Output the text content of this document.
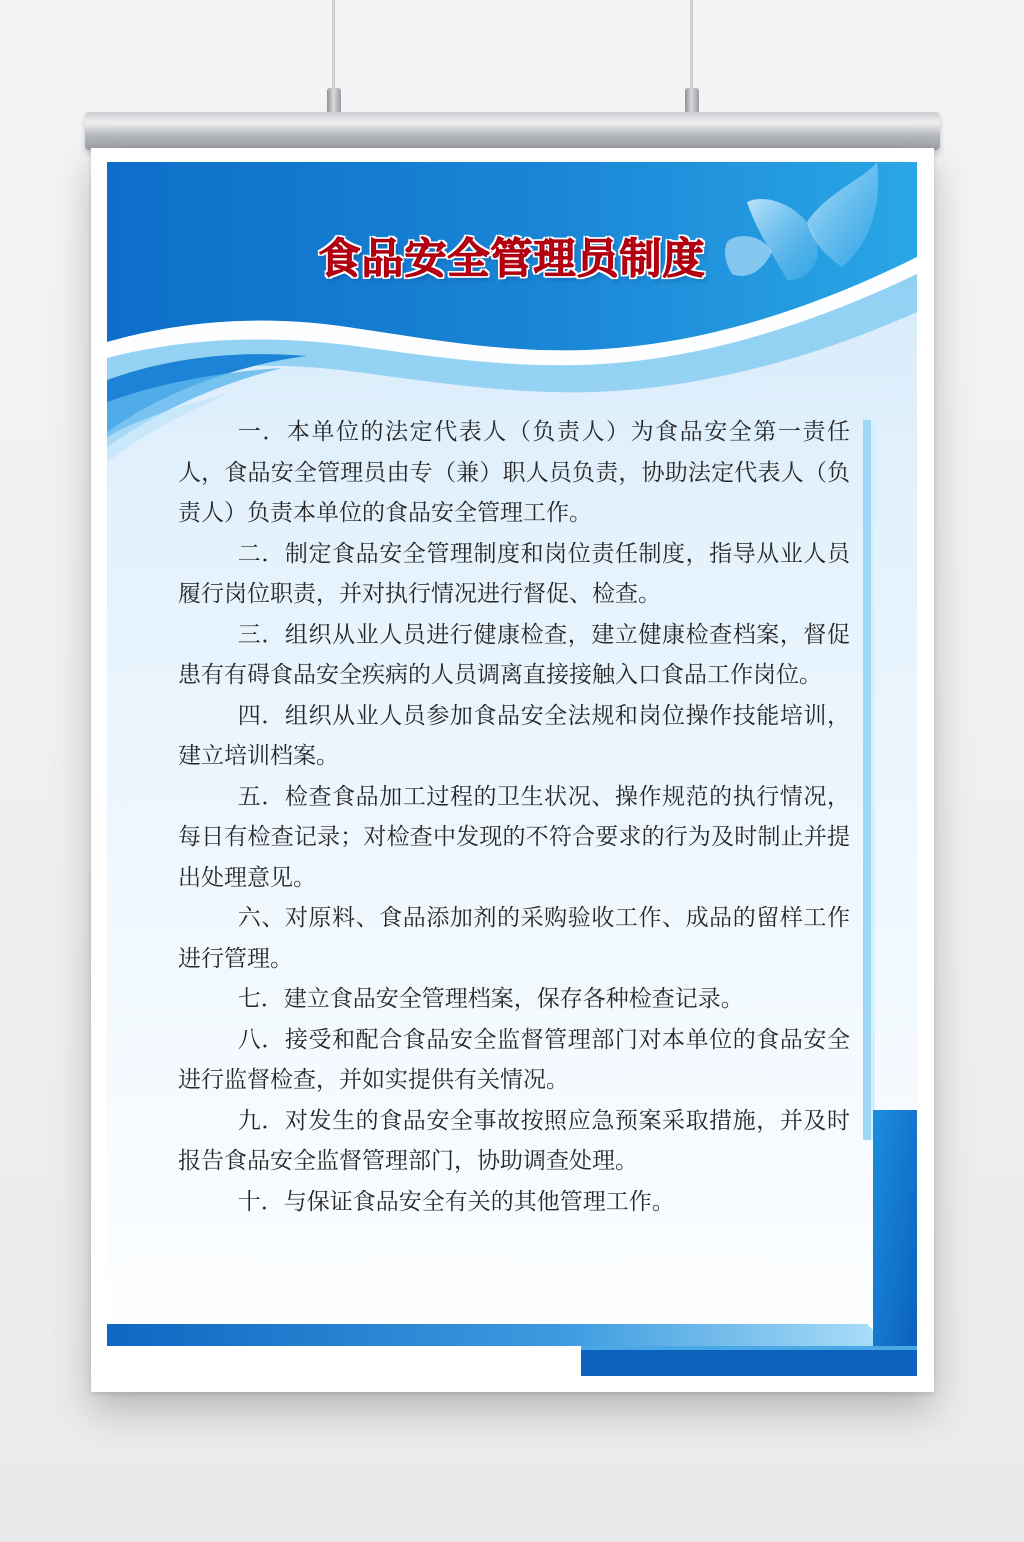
食品安全管理员制度

一．本单位的法定代表人（负责人）为食品安全第一责任人，食品安全管理员由专（兼）职人员负责，协助法定代表人（负责人）负责本单位的食品安全管理工作。

二．制定食品安全管理制度和岗位责任制度，指导从业人员履行岗位职责，并对执行情况进行督促、检查。

三．组织从业人员进行健康检查，建立健康检查档案，督促患有有碍食品安全疾病的人员调离直接接触入口食品工作岗位。

四．组织从业人员参加食品安全法规和岗位操作技能培训，建立培训档案。

五．检查食品加工过程的卫生状况、操作规范的执行情况，每日有检查记录；对检查中发现的不符合要求的行为及时制止并提出处理意见。

六、对原料、食品添加剂的采购验收工作、成品的留样工作进行管理。

七．建立食品安全管理档案，保存各种检查记录。

八．接受和配合食品安全监督管理部门对本单位的食品安全进行监督检查，并如实提供有关情况。

九．对发生的食品安全事故按照应急预案采取措施，并及时报告食品安全监督管理部门，协助调查处理。

十．与保证食品安全有关的其他管理工作。
